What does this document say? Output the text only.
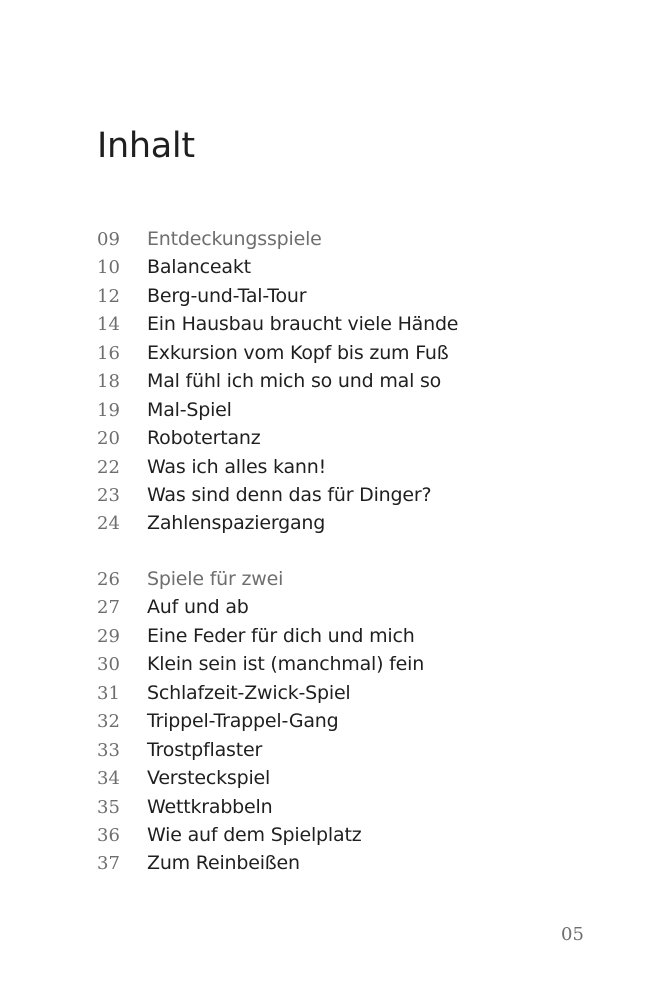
Inhalt
09	Entdeckungsspiele
10	Balanceakt
12	Berg-und-Tal-Tour
14	Ein Hausbau braucht viele Hände
16	Exkursion vom Kopf bis zum Fuß
18	Mal fühl ich mich so und mal so
19	Mal-Spiel
20	Robotertanz
22	Was ich alles kann!
23	Was sind denn das für Dinger?
24	Zahlenspaziergang
26	Spiele für zwei
27	Auf und ab
29	Eine Feder für dich und mich
30	Klein sein ist (manchmal) fein
31	Schlafzeit-Zwick-Spiel
32	Trippel-Trappel-Gang
33	Trostpflaster
34	Versteckspiel
35	Wettkrabbeln
36	Wie auf dem Spielplatz
37	Zum Reinbeißen
05
